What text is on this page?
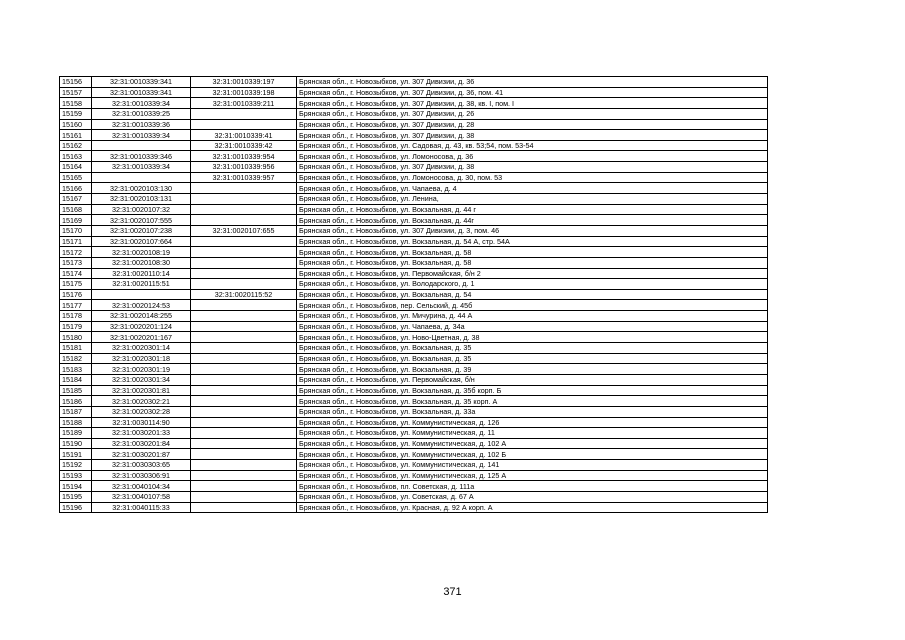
15156	32:31:0010339:341	32:31:0010339:197	Брянская обл., г. Новозыбков, ул. 307 Дивизии, д. 36
15157	32:31:0010339:341	32:31:0010339:198	Брянская обл., г. Новозыбков, ул. 307 Дивизии, д. 36, пом. 41
15158	32:31:0010339:34	32:31:0010339:211	Брянская обл., г. Новозыбков, ул. 307 Дивизии, д. 38, кв. I, пом. I
15159	32:31:0010339:25		Брянская обл., г. Новозыбков, ул. 307 Дивизии, д. 26
15160	32:31:0010339:36		Брянская обл., г. Новозыбков, ул. 307 Дивизии, д. 28
15161	32:31:0010339:34	32:31:0010339:41	Брянская обл., г. Новозыбков, ул. 307 Дивизии, д. 38
15162		32:31:0010339:42	Брянская обл., г. Новозыбков, ул. Садовая, д. 43, кв. 53;54, пом. 53-54
15163	32:31:0010339:346	32:31:0010339:954	Брянская обл., г. Новозыбков, ул. Ломоносова, д. 36
15164	32:31:0010339:34	32:31:0010339:956	Брянская обл., г. Новозыбков, ул. 307 Дивизии, д. 38
15165		32:31:0010339:957	Брянская обл., г. Новозыбков, ул. Ломоносова, д. 30, пом. 53
15166	32:31:0020103:130		Брянская обл., г. Новозыбков, ул. Чапаева, д. 4
15167	32:31:0020103:131		Брянская обл., г. Новозыбков, ул. Ленина,
15168	32:31:0020107:32		Брянская обл., г. Новозыбков, ул. Вокзальная, д. 44 г
15169	32:31:0020107:555		Брянская обл., г. Новозыбков, ул. Вокзальная, д. 44г
15170	32:31:0020107:238	32:31:0020107:655	Брянская обл., г. Новозыбков, ул. 307 Дивизии, д. 3, пом. 46
15171	32:31:0020107:664		Брянская обл., г. Новозыбков, ул. Вокзальная, д. 54 А, стр. 54А
15172	32:31:0020108:19		Брянская обл., г. Новозыбков, ул. Вокзальная, д. 58
15173	32:31:0020108:30		Брянская обл., г. Новозыбков, ул. Вокзальная, д. 58
15174	32:31:0020110:14		Брянская обл., г. Новозыбков, ул. Первомайская, б/н 2
15175	32:31:0020115:51		Брянская обл., г. Новозыбков, ул. Володарского, д. 1
15176		32:31:0020115:52	Брянская обл., г. Новозыбков, ул. Вокзальная, д. 54
15177	32:31:0020124:53		Брянская обл., г. Новозыбков, пер. Сельский, д. 45б
15178	32:31:0020148:255		Брянская обл., г. Новозыбков, ул. Мичурина, д. 44 А
15179	32:31:0020201:124		Брянская обл., г. Новозыбков, ул. Чапаева, д. 34а
15180	32:31:0020201:167		Брянская обл., г. Новозыбков, ул. Ново-Цветная, д. 38
15181	32:31:0020301:14		Брянская обл., г. Новозыбков, ул. Вокзальная, д. 35
15182	32:31:0020301:18		Брянская обл., г. Новозыбков, ул. Вокзальная, д. 35
15183	32:31:0020301:19		Брянская обл., г. Новозыбков, ул. Вокзальная, д. 39
15184	32:31:0020301:34		Брянская обл., г. Новозыбков, ул. Первомайская, б/н
15185	32:31:0020301:81		Брянская обл., г. Новозыбков, ул. Вокзальная, д. 35б корп. Б
15186	32:31:0020302:21		Брянская обл., г. Новозыбков, ул. Вокзальная, д. 35 корп. А
15187	32:31:0020302:28		Брянская обл., г. Новозыбков, ул. Вокзальная, д. 33а
15188	32:31:0030114:90		Брянская обл., г. Новозыбков, ул. Коммунистическая, д. 126
15189	32:31:0030201:33		Брянская обл., г. Новозыбков, ул. Коммунистическая, д. 11
15190	32:31:0030201:84		Брянская обл., г. Новозыбков, ул. Коммунистическая, д. 102 А
15191	32:31:0030201:87		Брянская обл., г. Новозыбков, ул. Коммунистическая, д. 102 Б
15192	32:31:0030303:65		Брянская обл., г. Новозыбков, ул. Коммунистическая, д. 141
15193	32:31:0030306:91		Брянская обл., г. Новозыбков, ул. Коммунистическая, д. 125 А
15194	32:31:0040104:34		Брянская обл., г. Новозыбков, пл. Советская, д. 111а
15195	32:31:0040107:58		Брянская обл., г. Новозыбков, ул. Советская, д. 67 А
15196	32:31:0040115:33		Брянская обл., г. Новозыбков, ул. Красная, д. 92 А корп. А
371
